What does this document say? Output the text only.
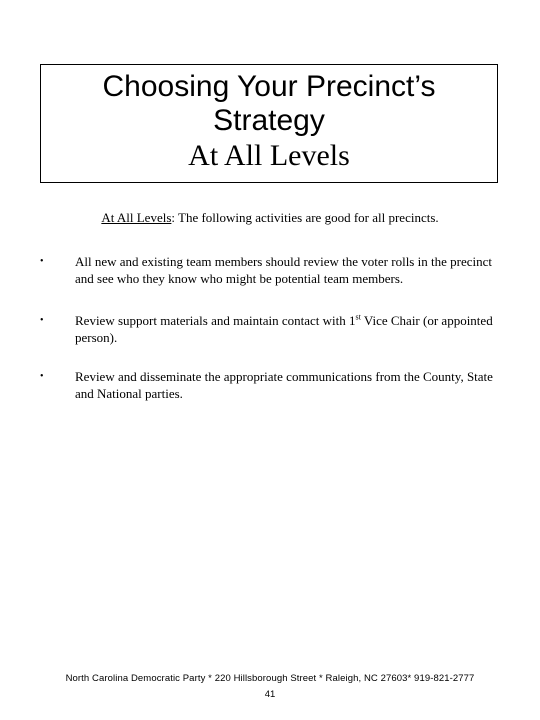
Choosing Your Precinct’s
Strategy
At All Levels
At All Levels: The following activities are good for all precincts.
• All new and existing team members should review the voter rolls in the precinct and see who they know who might be potential team members.
• Review support materials and maintain contact with 1st Vice Chair (or appointed person).
• Review and disseminate the appropriate communications from the County, State and National parties.
North Carolina Democratic Party * 220 Hillsborough Street * Raleigh, NC 27603* 919-821-2777
41
